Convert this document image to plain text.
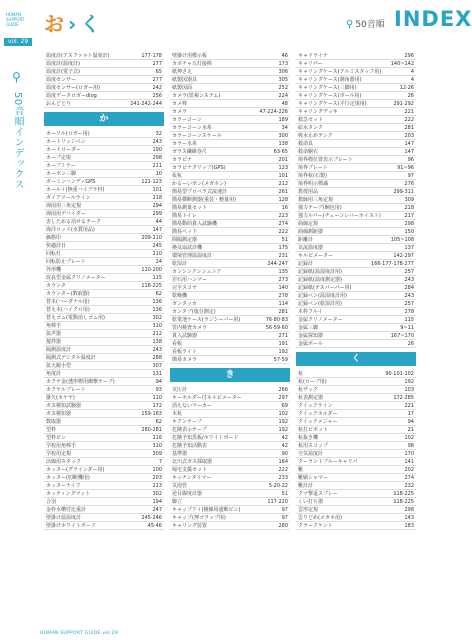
HUMAN SUPPORT GUIDE
vol. 29
⚲
50音順インデックス
お›く	⚲ 50音順 INDEX
温度計(アスファルト温度計)	177·178
温度計(温度計)	277
温度計(電子式)	65
温度センサー	277
温度センサー(ロガー用)	242
温度データロガーdlog	256
おんどとり	241·242·244
か
カーソル(ロガー用)	32
カートリッジペン	243
カードローダー	190
カーブ定規	298
カーブミラー	211
カーボン三脚	10
ガーミンハンディGPS	121·123
カールイ(無重ハイブラ材)	101
ガイアツールライン	218
海図用三角定規	294
海図用デバイダー	299
害しためる消せるテーク	44
海洋ロッド(水質用品)	147
価格印	209·210
快適計日	245
回転灯	210
回転防止プレート	24
外形機	110·200
改良型金属クリノメーター	115
カウンタ	118·225
カウンター(数取器)	62
替木(ハーダナル用)	136
替え木(ハイクロ用)	136
替えゴム(電動消しゴム用)	302
角棒手	310
拡声器	212
撹拌器	138
隔測温度計	243
隔測式デジタル温度計	288
拡大鏡小型	307
角度計	131
カクヤ金(透形標用衝撃テープ)	94
カクヤルプレート	93
掛矢(カケヤ)	110
ガス検知試験器	172
ガス検知器	159·163
数取器	62
型枠	280·281
型枠ピン	216
学校用角棒手	310
学校用定規	309
活線用スタック	7
カッター(グラインダー用)	100
カッター(切断機用)	203
カッターナイフ	213
カッティングマット	302
合羽	194
金枠水槽付比重計	247
壁掛け温湿度計	245·246
壁掛けホワイトボード	45·46
壁掛け用標示板	46
カボチャ五灯接棒	173
紙押さえ	306
紙製図器具	305
紙製図面	252
カメラ(監視システム)	224
カメ棒	48
カメラ	47·224·226
カラーコーン	189
カラーコーン水糸	34
カラーコーンスケール	300
カラー水糸	138
ガラス繊維巻尺	63·65
カラビナ	201
カラビナグリップ(GPS)	123
仮杭	101
かるーいポン(メガホン)	212
簡易型プロペラ式流速計	261
簡易横断測器(重装・軽量用)	128
簡易測量セット	16
簡易トイレ	223
簡易動的貫入試験機	274
簡易ベッド	222
間隔測定器	51
換気扇試計機	175
環境管理温湿度計	231
乾湿計	244·247
カンシンクシンュニア	135
岩石用ハンマー	273
完全スコヤ	140
乾燥機	278
ガンタッカ	114
カンタブ(塩分測定)	281
乾電池ケース(ラジシーバー用)	76·80·83
管内検査カメラ	56·59·60
貫入試験器	271
看板	191
看板ライト	192
簡易カメラ	57·59
き
気圧計	266
キーホルダー付ネルビメーター	297
消えないマーカー	69
木杭	102
キクンテーブ	192
危険表示テープ	192
危険予知黒板/ホワイトボード	42
危険予知活動表	42
基準器	90
北川式ガス採取器	164
帰宅支援セット	222
キッチンタイマー	233
気泡管	5·20·22
逆目緯度計器	51
脚立	117·220
キャップアイ(積線用遮断ピン)	97
キャップ(押ゴラップ用)	97
キャリング装置	280
キャドライナ	296
キャリパー	140~142
キャリングケース(アルミスタッフ用)	4
キャリングケース(測角器用)	4
キャリングケース(三脚用)	12·26
キャリングケース(ポール用)	26
キャリングケース(平行定規用)	291·292
キャリングデッキ	221
救急セット	222
給水タンク	281
吸水止めテンク	203
救命具	147
救命胴衣	147
境界標位置表示プレート	96
境界プレート	91~96
境界杭(石製)	97
境界明示標識	276
教授用品	299·311
教師用三角定規	309
強力テープ(梱包用)	218
強力ルパー(チェーンレバーホイスト)	217
曲線定規	298
曲線測距器	150
距離計	105~108
気流温度器	137
キルビメーター	142·297
記録計	166·177·178·277
記録紙(温湿度計用)	257
記録紙(温度測定器)	243
記録紙(テスパーパー用)	284
記録ペン(温湿度計用)	243
記録ペン(乾湿計用)	257
木枠フルイ	278
金属クリノメーター	115
金属三脚	9~11
金属探知器	167~170
金属ポール	26
く
杭	90·101·102
杭(ロープ用)	192
杭ザック	103
杭表測定器	172·285
クイックライン	221
クイックホルダー	17
クイックメジャー	94
杭打ピボット	21
杭抜き機	102
杭用スコップ	98
空気温度計	170
クーラントブルーキャリパ	141
靴	202
靴刷シャマー	274
靴計計	232
クマ撃退スプレー	118·225
くい打ち器	118·225
雲形定規	298
雲りどめ(メガネ用)	143
クラークケント	183
HUMAN SUPPORT GUIDE vol.29
